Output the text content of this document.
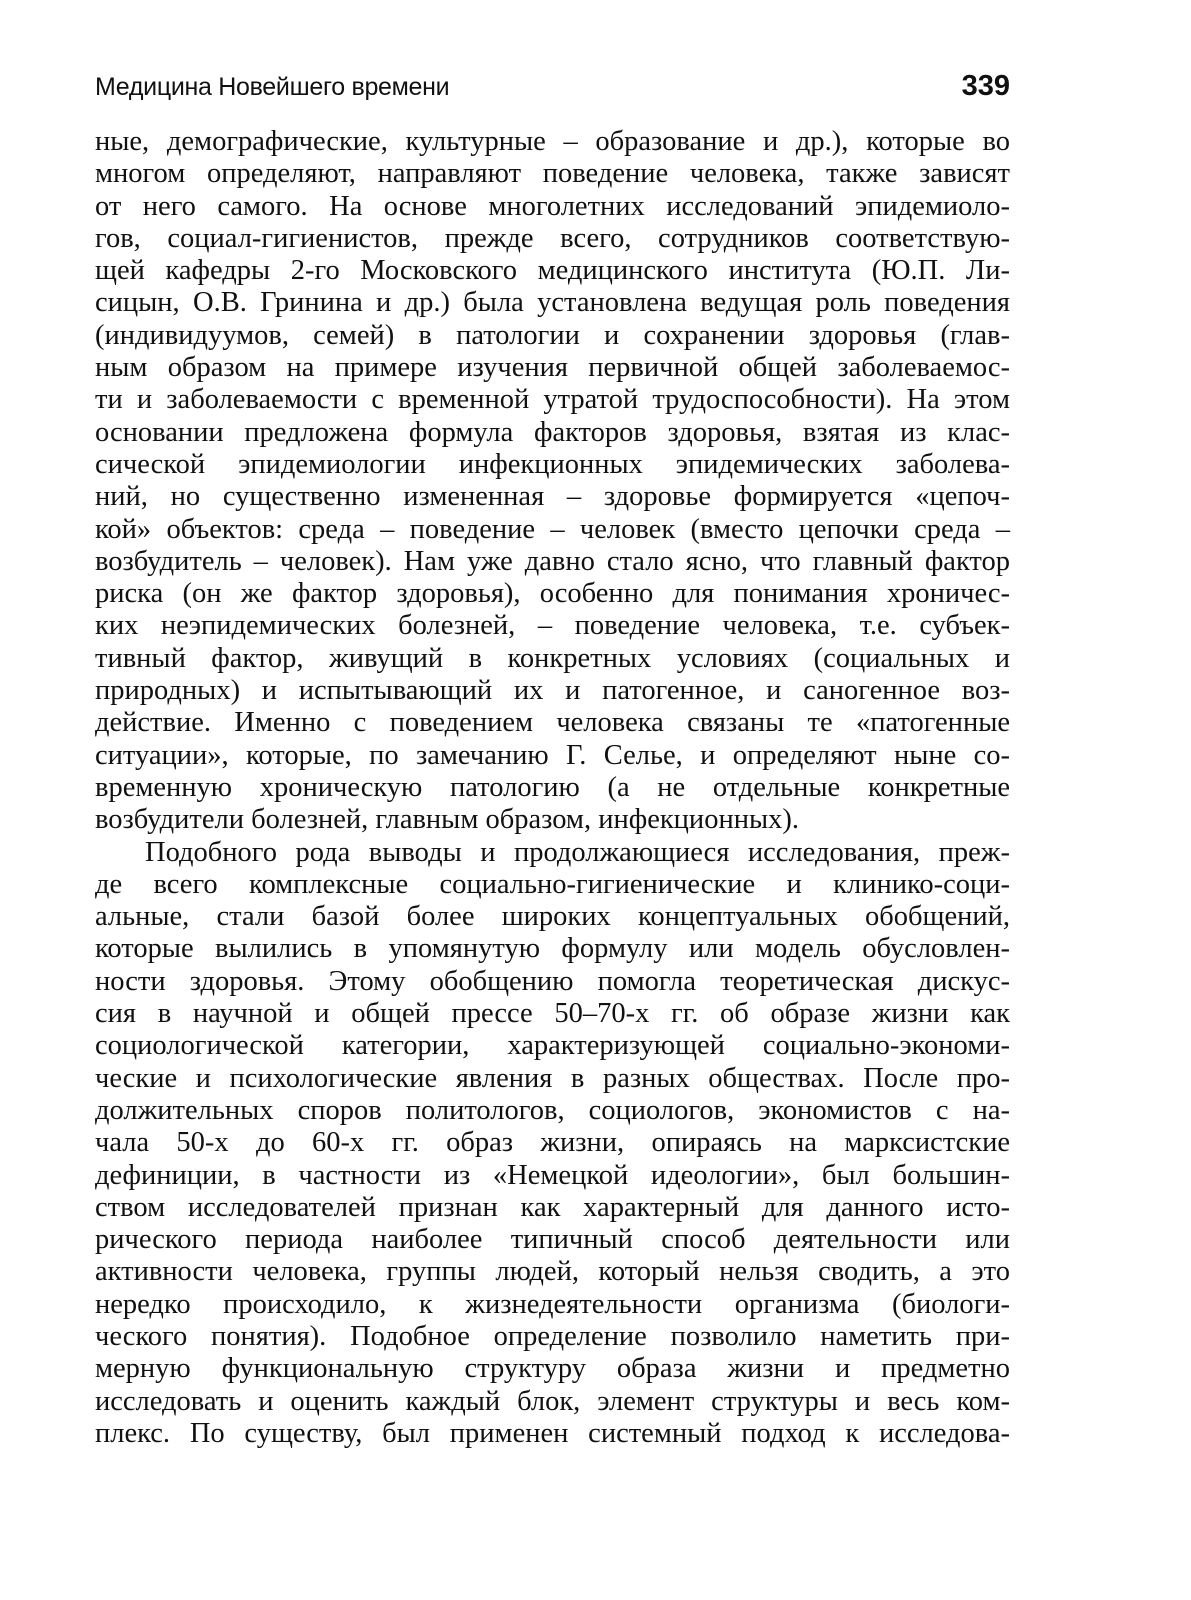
Медицина Новейшего времени	339
ные, демографические, культурные – образование и др.), которые во
многом определяют, направляют поведение человека, также зависят
от него самого. На основе многолетних исследований эпидемиоло-
гов, социал-гигиенистов, прежде всего, сотрудников соответствую-
щей кафедры 2-го Московского медицинского института (Ю.П. Ли-
сицын, О.В. Гринина и др.) была установлена ведущая роль поведения
(индивидуумов, семей) в патологии и сохранении здоровья (глав-
ным образом на примере изучения первичной общей заболеваемос-
ти и заболеваемости с временной утратой трудоспособности). На этом
основании предложена формула факторов здоровья, взятая из клас-
сической эпидемиологии инфекционных эпидемических заболева-
ний, но существенно измененная – здоровье формируется «цепоч-
кой» объектов: среда – поведение – человек (вместо цепочки среда –
возбудитель – человек). Нам уже давно стало ясно, что главный фактор
риска (он же фактор здоровья), особенно для понимания хроничес-
ких неэпидемических болезней, – поведение человека, т.е. субъек-
тивный фактор, живущий в конкретных условиях (социальных и
природных) и испытывающий их и патогенное, и саногенное воз-
действие. Именно с поведением человека связаны те «патогенные
ситуации», которые, по замечанию Г. Селье, и определяют ныне со-
временную хроническую патологию (а не отдельные конкретные
возбудители болезней, главным образом, инфекционных).
Подобного рода выводы и продолжающиеся исследования, преж-
де всего комплексные социально-гигиенические и клинико-соци-
альные, стали базой более широких концептуальных обобщений,
которые вылились в упомянутую формулу или модель обусловлен-
ности здоровья. Этому обобщению помогла теоретическая дискус-
сия в научной и общей прессе 50–70-х гг. об образе жизни как
социологической категории, характеризующей социально-экономи-
ческие и психологические явления в разных обществах. После про-
должительных споров политологов, социологов, экономистов с на-
чала 50-х до 60-х гг. образ жизни, опираясь на марксистские
дефиниции, в частности из «Немецкой идеологии», был большин-
ством исследователей признан как характерный для данного исто-
рического периода наиболее типичный способ деятельности или
активности человека, группы людей, который нельзя сводить, а это
нередко происходило, к жизнедеятельности организма (биологи-
ческого понятия). Подобное определение позволило наметить при-
мерную функциональную структуру образа жизни и предметно
исследовать и оценить каждый блок, элемент структуры и весь ком-
плекс. По существу, был применен системный подход к исследова-
